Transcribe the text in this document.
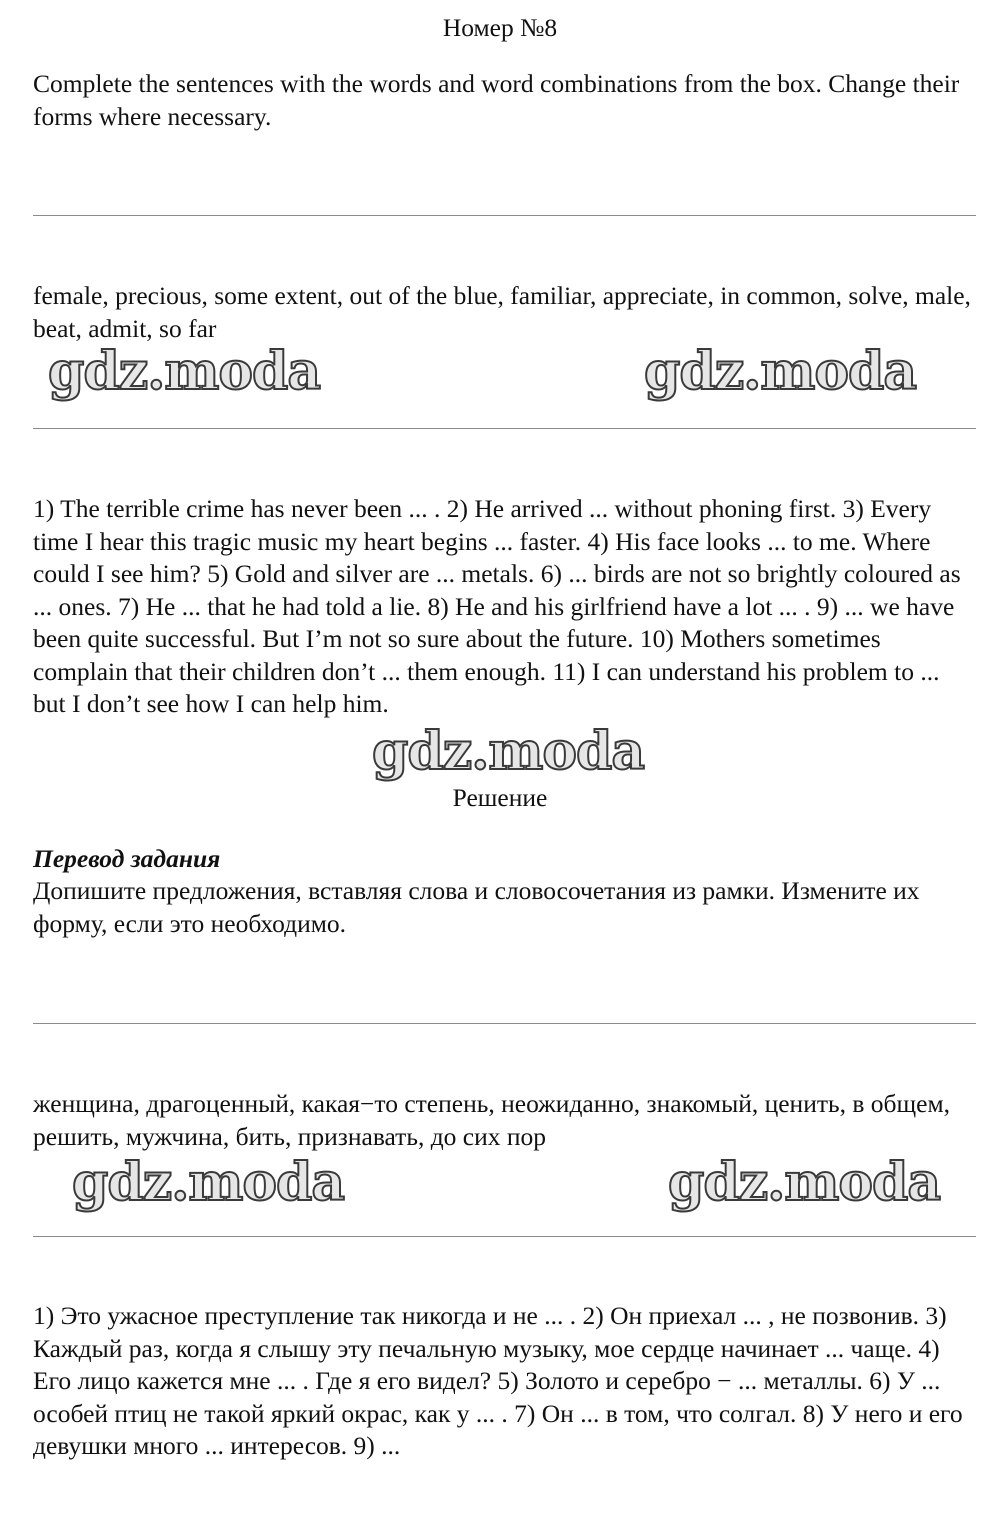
Номер №8

Complete the sentences with the words and word combinations from the box. Change their forms where necessary.

female, precious, some extent, out of the blue, familiar, appreciate, in common, solve, male, beat, admit, so far

gdz.moda	gdz.moda

1) The terrible crime has never been ... . 2) He arrived ... without phoning first. 3) Every time I hear this tragic music my heart begins ... faster. 4) His face looks ... to me. Where could I see him? 5) Gold and silver are ... metals. 6) ... birds are not so brightly coloured as ... ones. 7) He ... that he had told a lie. 8) He and his girlfriend have a lot ... . 9) ... we have been quite successful. But I’m not so sure about the future. 10) Mothers sometimes complain that their children don’t ... them enough. 11) I can understand his problem to ... but I don’t see how I can help him.

gdz.moda
Решение
Перевод задания

Допишите предложения, вставляя слова и словосочетания из рамки. Измените их форму, если это необходимо.

женщина, драгоценный, какая−то степень, неожиданно, знакомый, ценить, в общем, решить, мужчина, бить, признавать, до сих пор

gdz.moda	gdz.moda

1) Это ужасное преступление так никогда и не ... . 2) Он приехал ... , не позвонив. 3) Каждый раз, когда я слышу эту печальную музыку, мое сердце начинает ... чаще. 4) Его лицо кажется мне ... . Где я его видел? 5) Золото и серебро − ... металлы. 6) У ... особей птиц не такой яркий окрас, как у ... . 7) Он ... в том, что солгал. 8) У него и его девушки много ... интересов. 9) ...
